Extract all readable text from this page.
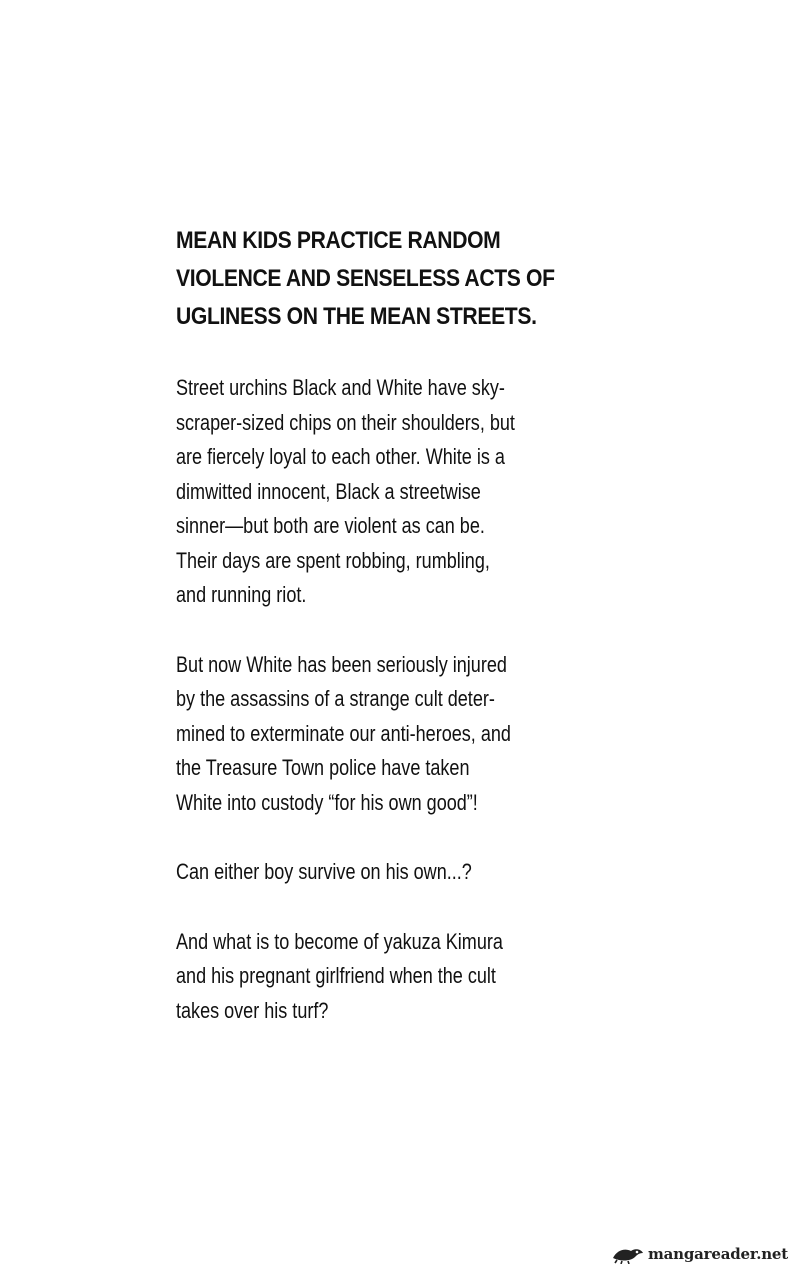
MEAN KIDS PRACTICE RANDOM
VIOLENCE AND SENSELESS ACTS OF
UGLINESS ON THE MEAN STREETS.
Street urchins Black and White have sky-
scraper-sized chips on their shoulders, but
are fiercely loyal to each other. White is a
dimwitted innocent, Black a streetwise
sinner—but both are violent as can be.
Their days are spent robbing, rumbling,
and running riot.
But now White has been seriously injured
by the assassins of a strange cult deter-
mined to exterminate our anti-heroes, and
the Treasure Town police have taken
White into custody “for his own good”!
Can either boy survive on his own...?
And what is to become of yakuza Kimura
and his pregnant girlfriend when the cult
takes over his turf?
mangareader.net
